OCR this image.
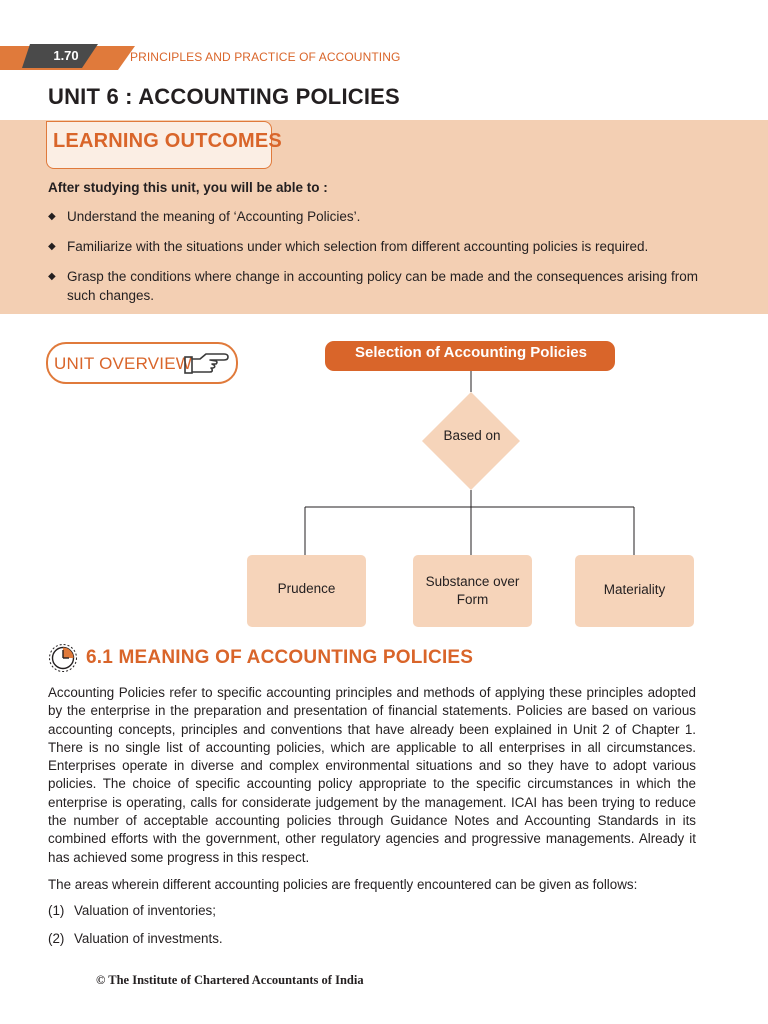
1.70	PRINCIPLES AND PRACTICE OF ACCOUNTING
UNIT 6 : ACCOUNTING POLICIES
LEARNING OUTCOMES
After studying this unit, you will be able to :
◆ Understand the meaning of ‘Accounting Policies’.
◆ Familiarize with the situations under which selection from different accounting policies is required.
◆ Grasp the conditions where change in accounting policy can be made and the consequences arising from such changes.
UNIT OVERVIEW
Selection of Accounting Policies
Based on
Prudence	Substance over Form
Materiality
6.1 MEANING OF ACCOUNTING POLICIES

Accounting Policies refer to specific accounting principles and methods of applying these principles adopted by the enterprise in the preparation and presentation of financial statements. Policies are based on various accounting concepts, principles and conventions that have already been explained in Unit 2 of Chapter 1. There is no single list of accounting policies, which are applicable to all enterprises in all circumstances. Enterprises operate in diverse and complex environmental situations and so they have to adopt various policies. The choice of specific accounting policy appropriate to the specific circumstances in which the enterprise is operating, calls for considerate judgement by the management. ICAI has been trying to reduce the number of acceptable accounting policies through Guidance Notes and Accounting Standards in its combined efforts with the government, other regulatory agencies and progressive managements. Already it has achieved some progress in this respect.

The areas wherein different accounting policies are frequently encountered can be given as follows:

(1) Valuation of inventories;
(2) Valuation of investments.
© The Institute of Chartered Accountants of India
